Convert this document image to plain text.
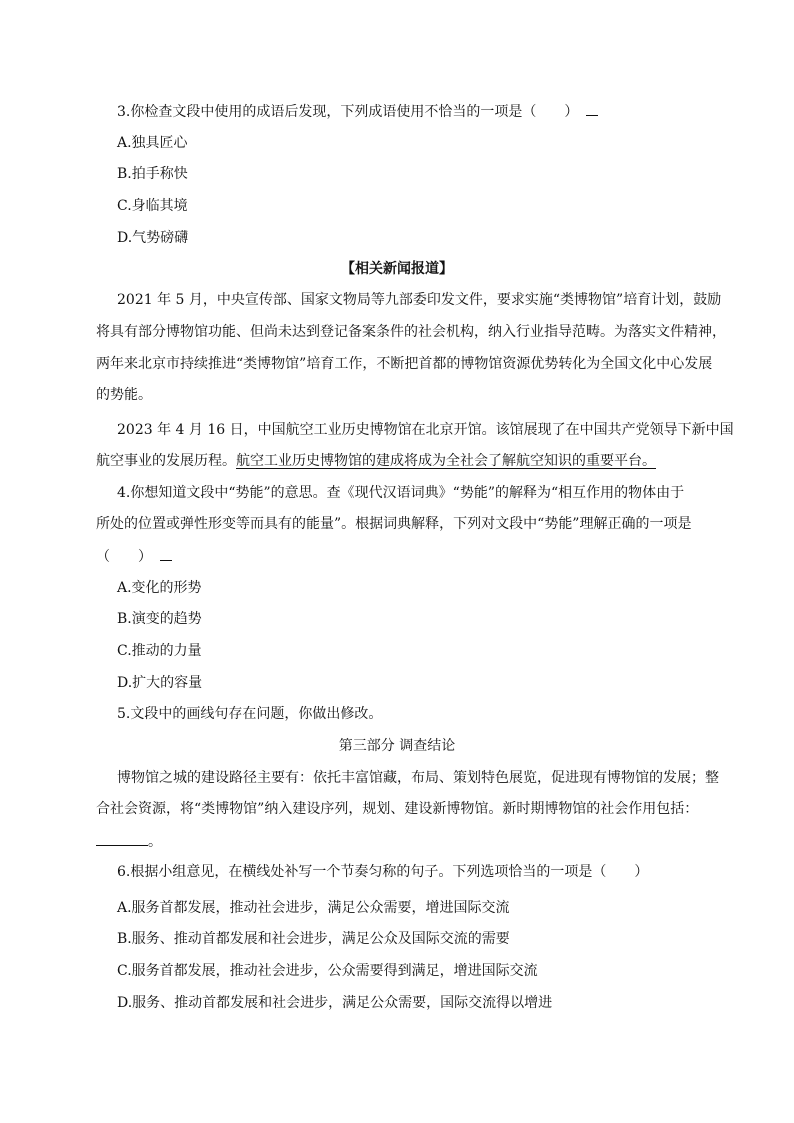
3.你检查文段中使用的成语后发现，下列成语使用不恰当的一项是（　　）
A.独具匠心
B.拍手称快
C.身临其境
D.气势磅礴
【相关新闻报道】
2021 年 5 月，中央宣传部、国家文物局等九部委印发文件，要求实施“类博物馆”培育计划，鼓励
将具有部分博物馆功能、但尚未达到登记备案条件的社会机构，纳入行业指导范畴。为落实文件精神，
两年来北京市持续推进“类博物馆”培育工作，不断把首都的博物馆资源优势转化为全国文化中心发展
的势能。
2023 年 4 月 16 日，中国航空工业历史博物馆在北京开馆。该馆展现了在中国共产党领导下新中国
航空事业的发展历程。航空工业历史博物馆的建成将成为全社会了解航空知识的重要平台。
4.你想知道文段中“势能”的意思。查《现代汉语词典》“势能”的解释为“相互作用的物体由于
所处的位置或弹性形变等而具有的能量”。根据词典解释，下列对文段中“势能”理解正确的一项是
（　　）
A.变化的形势
B.演变的趋势
C.推动的力量
D.扩大的容量
5.文段中的画线句存在问题，你做出修改。
第三部分 调查结论
博物馆之城的建设路径主要有：依托丰富馆藏，布局、策划特色展览，促进现有博物馆的发展；整
合社会资源，将“类博物馆”纳入建设序列，规划、建设新博物馆。新时期博物馆的社会作用包括：
。
6.根据小组意见，在横线处补写一个节奏匀称的句子。下列选项恰当的一项是（　　）
A.服务首都发展，推动社会进步，满足公众需要，增进国际交流
B.服务、推动首都发展和社会进步，满足公众及国际交流的需要
C.服务首都发展，推动社会进步，公众需要得到满足，增进国际交流
D.服务、推动首都发展和社会进步，满足公众需要，国际交流得以增进
